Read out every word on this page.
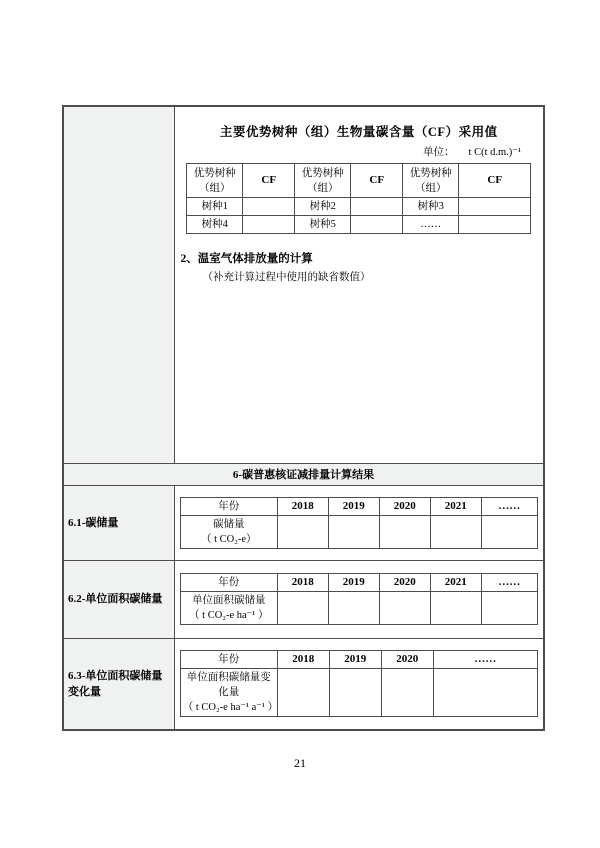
主要优势树种（组）生物量碳含量（CF）采用值
单位： t C(t d.m.)⁻¹
优势树种（组）	CF	优势树种（组）	CF	优势树种（组）	CF
树种1		树种2		树种3	
树种4		树种5		……	
2、温室气体排放量的计算
（补充计算过程中使用的缺省数值）

6-碳普惠核证减排量计算结果
6.1-碳储量	
年份	2018	2019	2020	2021	……

碳储量
（ t CO₂-e）

6.2-单位面积碳储量	
年份	2018	2019	2020	2021	……

单位面积碳储量
（ t CO₂-e ha⁻¹ ）

6.3-单位面积碳储量变化量	
年份	2018	2019	2020	……

单位面积碳储量变化量
（ t CO₂-e ha⁻¹ a⁻¹ ）

21
